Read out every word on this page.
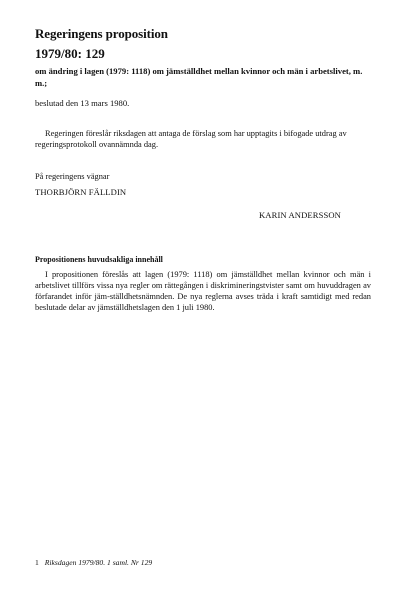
Regeringens proposition
1979/80: 129
om ändring i lagen (1979: 1118) om jämställdhet mellan kvinnor och män i arbetslivet, m. m.;
beslutad den 13 mars 1980.
Regeringen föreslår riksdagen att antaga de förslag som har upptagits i bifogade utdrag av regeringsprotokoll ovannämnda dag.
På regeringens vägnar
THORBJÖRN FÄLLDIN
KARIN ANDERSSON
Propositionens huvudsakliga innehåll
I propositionen föreslås att lagen (1979: 1118) om jämställdhet mellan kvinnor och män i arbetslivet tillförs vissa nya regler om rättegången i diskrimineringstvister samt om huvuddragen av förfarandet inför jäm-ställdhetsnämnden. De nya reglerna avses träda i kraft samtidigt med redan beslutade delar av jämställdhetslagen den 1 juli 1980.
1 Riksdagen 1979/80. 1 saml. Nr 129
